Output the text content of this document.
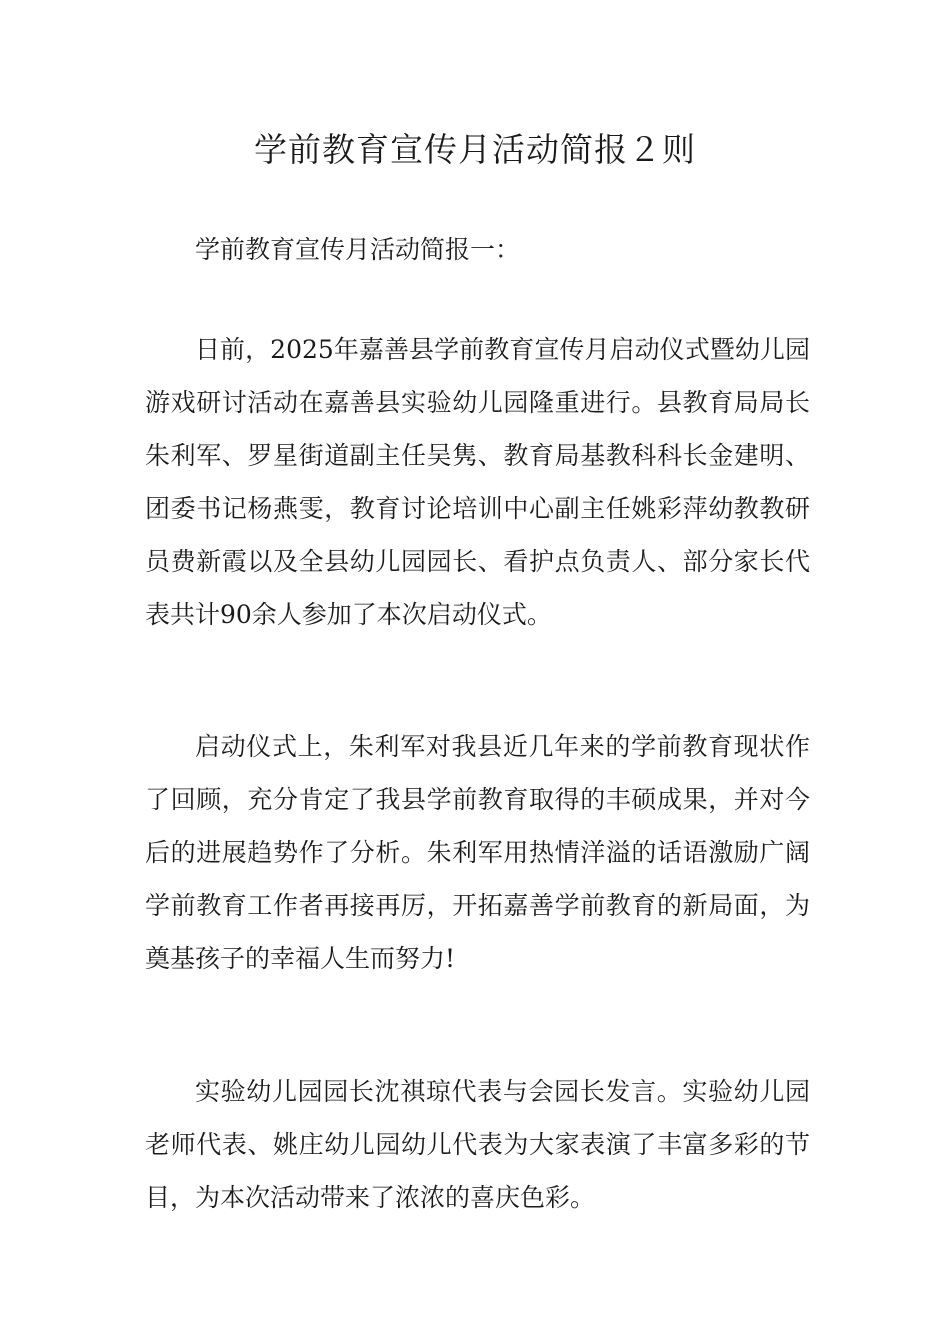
学前教育宣传月活动简报２则

学前教育宣传月活动简报一：

日前，2025年嘉善县学前教育宣传月启动仪式暨幼儿园游戏研讨活动在嘉善县实验幼儿园隆重进行。县教育局局长朱利军、罗星街道副主任吴隽、教育局基教科科长金建明、团委书记杨燕雯，教育讨论培训中心副主任姚彩萍幼教教研员费新霞以及全县幼儿园园长、看护点负责人、部分家长代表共计90余人参加了本次启动仪式。

启动仪式上，朱利军对我县近几年来的学前教育现状作了回顾，充分肯定了我县学前教育取得的丰硕成果，并对今后的进展趋势作了分析。朱利军用热情洋溢的话语激励广阔学前教育工作者再接再厉，开拓嘉善学前教育的新局面，为奠基孩子的幸福人生而努力!

实验幼儿园园长沈祺琼代表与会园长发言。实验幼儿园老师代表、姚庄幼儿园幼儿代表为大家表演了丰富多彩的节目，为本次活动带来了浓浓的喜庆色彩。
